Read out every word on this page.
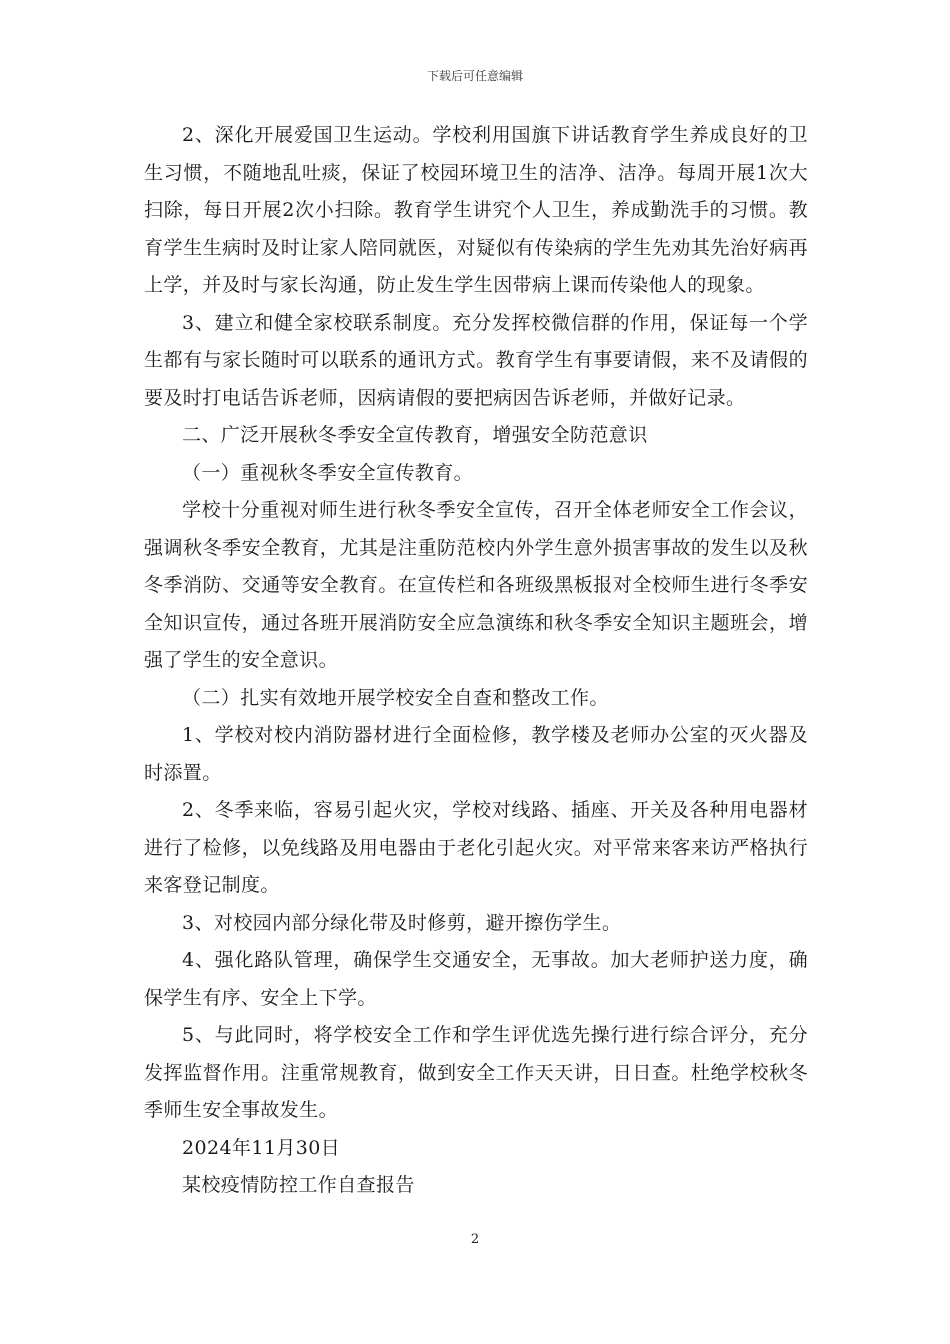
下载后可任意编辑

2、深化开展爱国卫生运动。学校利用国旗下讲话教育学生养成良好的卫生习惯，不随地乱吐痰，保证了校园环境卫生的洁净、洁净。每周开展1次大扫除，每日开展2次小扫除。教育学生讲究个人卫生，养成勤洗手的习惯。教育学生生病时及时让家人陪同就医，对疑似有传染病的学生先劝其先治好病再上学，并及时与家长沟通，防止发生学生因带病上课而传染他人的现象。

3、建立和健全家校联系制度。充分发挥校微信群的作用，保证每一个学生都有与家长随时可以联系的通讯方式。教育学生有事要请假，来不及请假的要及时打电话告诉老师，因病请假的要把病因告诉老师，并做好记录。

二、广泛开展秋冬季安全宣传教育，增强安全防范意识

（一）重视秋冬季安全宣传教育。

学校十分重视对师生进行秋冬季安全宣传，召开全体老师安全工作会议，强调秋冬季安全教育，尤其是注重防范校内外学生意外损害事故的发生以及秋冬季消防、交通等安全教育。在宣传栏和各班级黑板报对全校师生进行冬季安全知识宣传，通过各班开展消防安全应急演练和秋冬季安全知识主题班会，增强了学生的安全意识。

（二）扎实有效地开展学校安全自查和整改工作。

1、学校对校内消防器材进行全面检修，教学楼及老师办公室的灭火器及时添置。

2、冬季来临，容易引起火灾，学校对线路、插座、开关及各种用电器材进行了检修，以免线路及用电器由于老化引起火灾。对平常来客来访严格执行来客登记制度。

3、对校园内部分绿化带及时修剪，避开擦伤学生。

4、强化路队管理，确保学生交通安全，无事故。加大老师护送力度，确保学生有序、安全上下学。

5、与此同时，将学校安全工作和学生评优选先操行进行综合评分，充分发挥监督作用。注重常规教育，做到安全工作天天讲，日日查。杜绝学校秋冬季师生安全事故发生。

2024年11月30日

某校疫情防控工作自查报告

2
